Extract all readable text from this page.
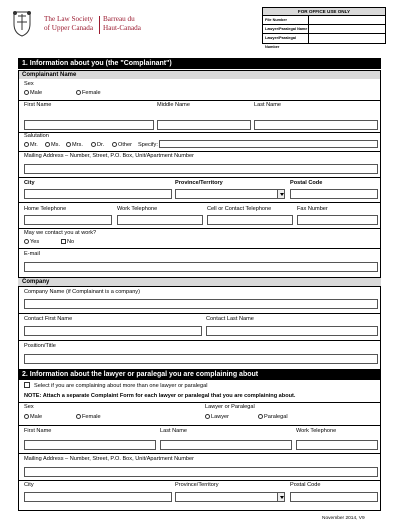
The Law Society
of Upper Canada
Barreau du
Haut-Canada
FOR OFFICE USE ONLY
File Number
Lawyer/Paralegal Name
Lawyer/Paralegal Number
1. Information about you (the "Complainant")
Complainant Name
Sex
Male	Female
First Name	Middle Name	Last Name
Salutation
Mr.	Ms.	Mrs.	Dr.	Other Specify:
Mailing Address – Number, Street, P.O. Box, Unit/Apartment Number
City	Province/Territory	Postal Code
Home Telephone	Work Telephone	Cell or Contact Telephone	Fax Number
May we contact you at work?
Yes	No
E-mail
Company
Company Name (if Complainant is a company)
Contact First Name	Contact Last Name
Position/Title
2. Information about the lawyer or paralegal you are complaining about
Select if you are complaining about more than one lawyer or paralegal
NOTE: Attach a separate Complaint Form for each lawyer or paralegal that you are complaining about.
Sex	Lawyer or Paralegal
Male	Female	Lawyer	Paralegal
First Name	Last Name	Work Telephone
Mailing Address – Number, Street, P.O. Box, Unit/Apartment Number
City	Province/Territory	Postal Code
November 2014, V9
